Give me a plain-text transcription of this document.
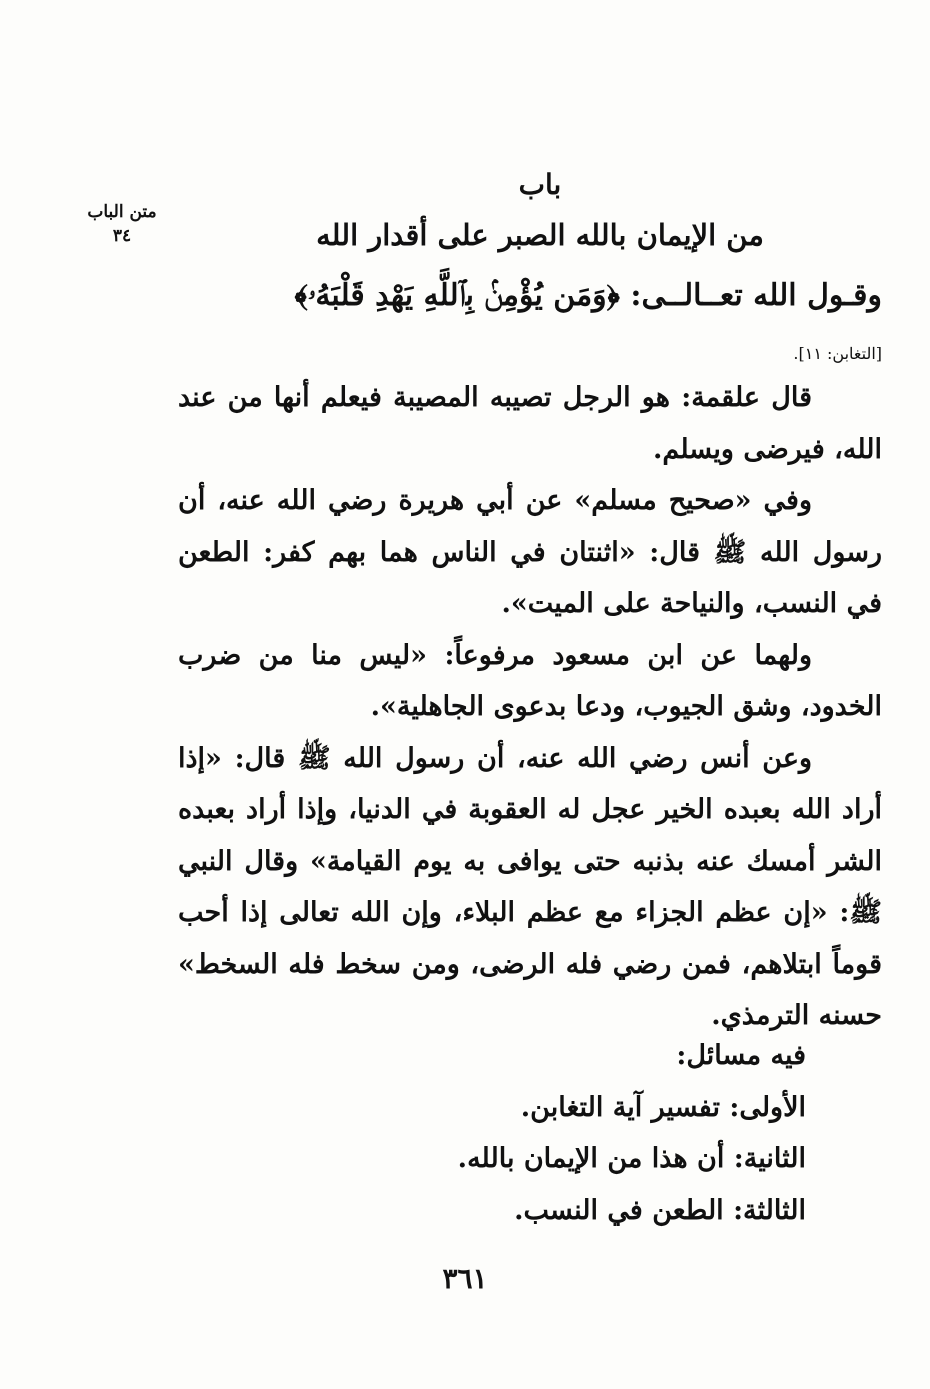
متن الباب
٣٤
باب
من الإيمان بالله الصبر على أقدار الله
وقـول الله تعــالــى: ﴿وَمَن يُؤْمِنۢ بِٱللَّهِ يَهْدِ قَلْبَهُۥ﴾
[التغابن: ١١].

قال علقمة: هو الرجل تصيبه المصيبة فيعلم أنها من عند الله، فيرضى ويسلم.

وفي «صحيح مسلم» عن أبي هريرة رضي الله عنه، أن رسول الله ﷺ قال: «اثنتان في الناس هما بهم كفر: الطعن في النسب، والنياحة على الميت».

ولهما عن ابن مسعود مرفوعاً: «ليس منا من ضرب الخدود، وشق الجيوب، ودعا بدعوى الجاهلية».

وعن أنس رضي الله عنه، أن رسول الله ﷺ قال: «إذا أراد الله بعبده الخير عجل له العقوبة في الدنيا، وإذا أراد بعبده الشر أمسك عنه بذنبه حتى يوافى به يوم القيامة» وقال النبي ﷺ: «إن عظم الجزاء مع عظم البلاء، وإن الله تعالى إذا أحب قوماً ابتلاهم، فمن رضي فله الرضى، ومن سخط فله السخط» حسنه الترمذي.

فيه مسائل:
الأولى: تفسير آية التغابن.
الثانية: أن هذا من الإيمان بالله.
الثالثة: الطعن في النسب.
٣٦١
